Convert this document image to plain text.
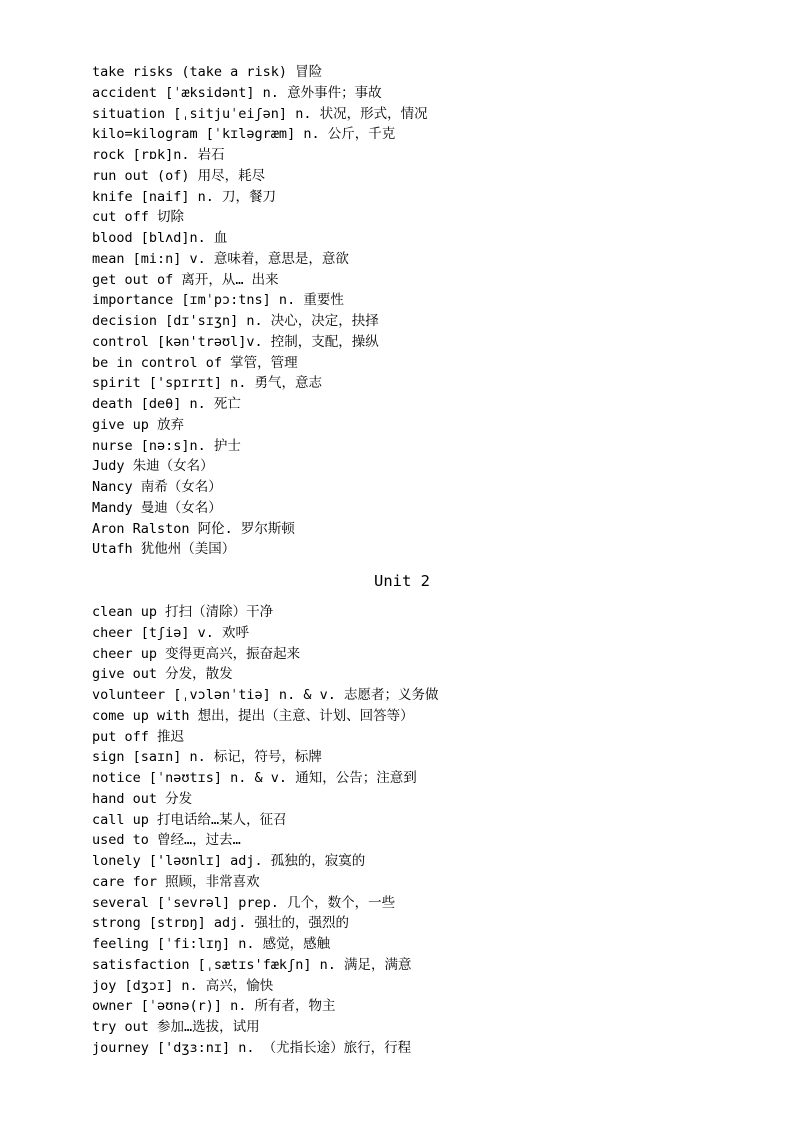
take risks (take a risk) 冒险
accident [ˈæksidənt] n. 意外事件；事故
situation [ˌsitjuˈeiʃən] n. 状况，形式，情况
kilo=kilogram [ˈkɪləgræm] n. 公斤，千克
rock [rɒk]n. 岩石
run out (of) 用尽，耗尽
knife [naif] n. 刀，餐刀
cut off 切除
blood [blʌd]n. 血
mean [mi:n] v. 意味着，意思是，意欲
get out of 离开，从… 出来
importance [ɪmˈpɔ:tns] n. 重要性
decision [dɪ'sɪʒn] n. 决心，决定，抉择
control [kən'trəʊl]v. 控制，支配，操纵
be in control of 掌管，管理
spirit ['spɪrɪt] n. 勇气，意志
death [deθ] n. 死亡
give up 放弃
nurse [nə:s]n. 护士
Judy 朱迪（女名）
Nancy 南希（女名）
Mandy 曼迪（女名）
Aron Ralston 阿伦. 罗尔斯顿
Utafh 犹他州（美国）
Unit 2
clean up 打扫（清除）干净
cheer [tʃiə] v. 欢呼
cheer up 变得更高兴，振奋起来
give out 分发，散发
volunteer [ˌvɔlənˈtiə] n. & v. 志愿者；义务做
come up with 想出，提出（主意、计划、回答等）
put off 推迟
sign [saɪn] n. 标记，符号，标牌
notice [ˈnəʊtɪs] n. & v. 通知，公告；注意到
hand out 分发
call up 打电话给…某人，征召
used to 曾经…，过去…
lonely ['ləʊnlɪ] adj. 孤独的，寂寞的
care for 照顾，非常喜欢
several [ˈsevrəl] prep. 几个，数个，一些
strong [strɒŋ] adj. 强壮的，强烈的
feeling [ˈfi:lɪŋ] n. 感觉，感触
satisfaction [ˌsætɪs'fækʃn] n. 满足，满意
joy [dʒɔɪ] n. 高兴，愉快
owner [ˈəʊnə(r)] n. 所有者，物主
try out 参加…选拔，试用
journey ['dʒɜ:nɪ] n. （尤指长途）旅行，行程
